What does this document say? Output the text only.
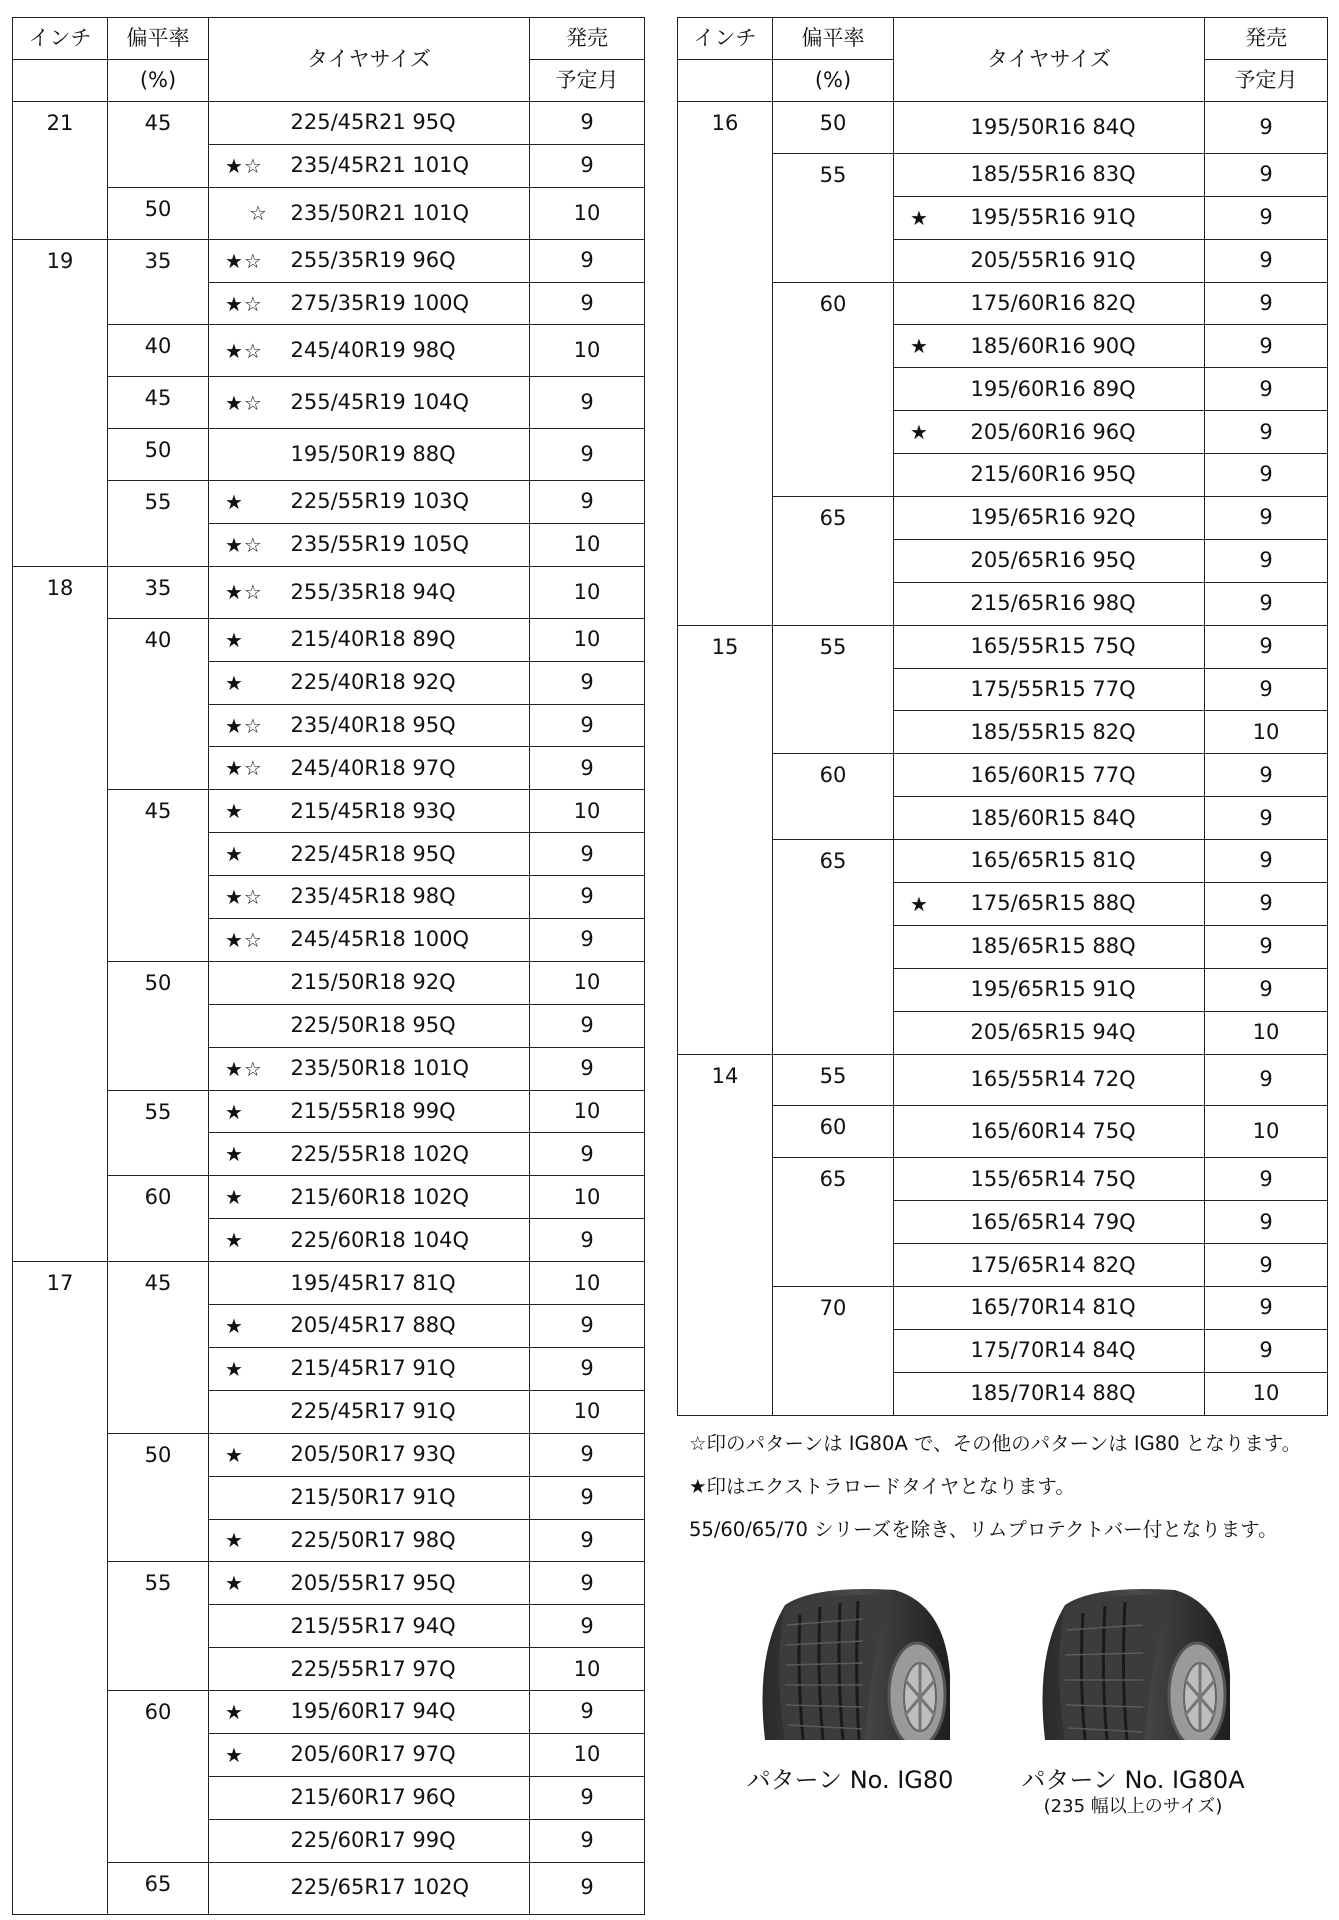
インチ	偏平率	タイヤサイズ		発売
	(%)			予定月
21	45		225/45R21 95Q	9
		★☆	235/45R21 101Q	9
	50	☆	235/50R21 101Q	10
19	35	★☆	255/35R19 96Q	9
		★☆	275/35R19 100Q	9
	40	★☆	245/40R19 98Q	10
	45	★☆	255/45R19 104Q	9
	50		195/50R19 88Q	9
	55	★	225/55R19 103Q	9
		★☆	235/55R19 105Q	10
18	35	★☆	255/35R18 94Q	10
	40	★	215/40R18 89Q	10
		★	225/40R18 92Q	9
		★☆	235/40R18 95Q	9
		★☆	245/40R18 97Q	9
	45	★	215/45R18 93Q	10
		★	225/45R18 95Q	9
		★☆	235/45R18 98Q	9
		★☆	245/45R18 100Q	9
	50		215/50R18 92Q	10
			225/50R18 95Q	9
		★☆	235/50R18 101Q	9
	55	★	215/55R18 99Q	10
		★	225/55R18 102Q	9
	60	★	215/60R18 102Q	10
		★	225/60R18 104Q	9
17	45		195/45R17 81Q	10
		★	205/45R17 88Q	9
		★	215/45R17 91Q	9
			225/45R17 91Q	10
	50	★	205/50R17 93Q	9
			215/50R17 91Q	9
		★	225/50R17 98Q	9
	55	★	205/55R17 95Q	9
			215/55R17 94Q	9
			225/55R17 97Q	10
	60	★	195/60R17 94Q	9
		★	205/60R17 97Q	10
			215/60R17 96Q	9
			225/60R17 99Q	9
	65		225/65R17 102Q	9
インチ	偏平率	タイヤサイズ		発売
	(%)			予定月
16	50		195/50R16 84Q	9
	55		185/55R16 83Q	9
		★	195/55R16 91Q	9
			205/55R16 91Q	9
	60		175/60R16 82Q	9
		★	185/60R16 90Q	9
			195/60R16 89Q	9
		★	205/60R16 96Q	9
			215/60R16 95Q	9
	65		195/65R16 92Q	9
			205/65R16 95Q	9
			215/65R16 98Q	9
15	55		165/55R15 75Q	9
			175/55R15 77Q	9
			185/55R15 82Q	10
	60		165/60R15 77Q	9
			185/60R15 84Q	9
	65		165/65R15 81Q	9
		★	175/65R15 88Q	9
			185/65R15 88Q	9
			195/65R15 91Q	9
			205/65R15 94Q	10
14	55		165/55R14 72Q	9
	60		165/60R14 75Q	10
	65		155/65R14 75Q	9
			165/65R14 79Q	9
			175/65R14 82Q	9
	70		165/70R14 81Q	9
			175/70R14 84Q	9
			185/70R14 88Q	10
☆印のパターンは IG80A で、その他のパターンは IG80 となります。
★印はエクストラロードタイヤとなります。
55/60/65/70 シリーズを除き、リムプロテクトバー付となります。
パターン No. IG80	パターン No. IG80A
(235 幅以上のサイズ)
